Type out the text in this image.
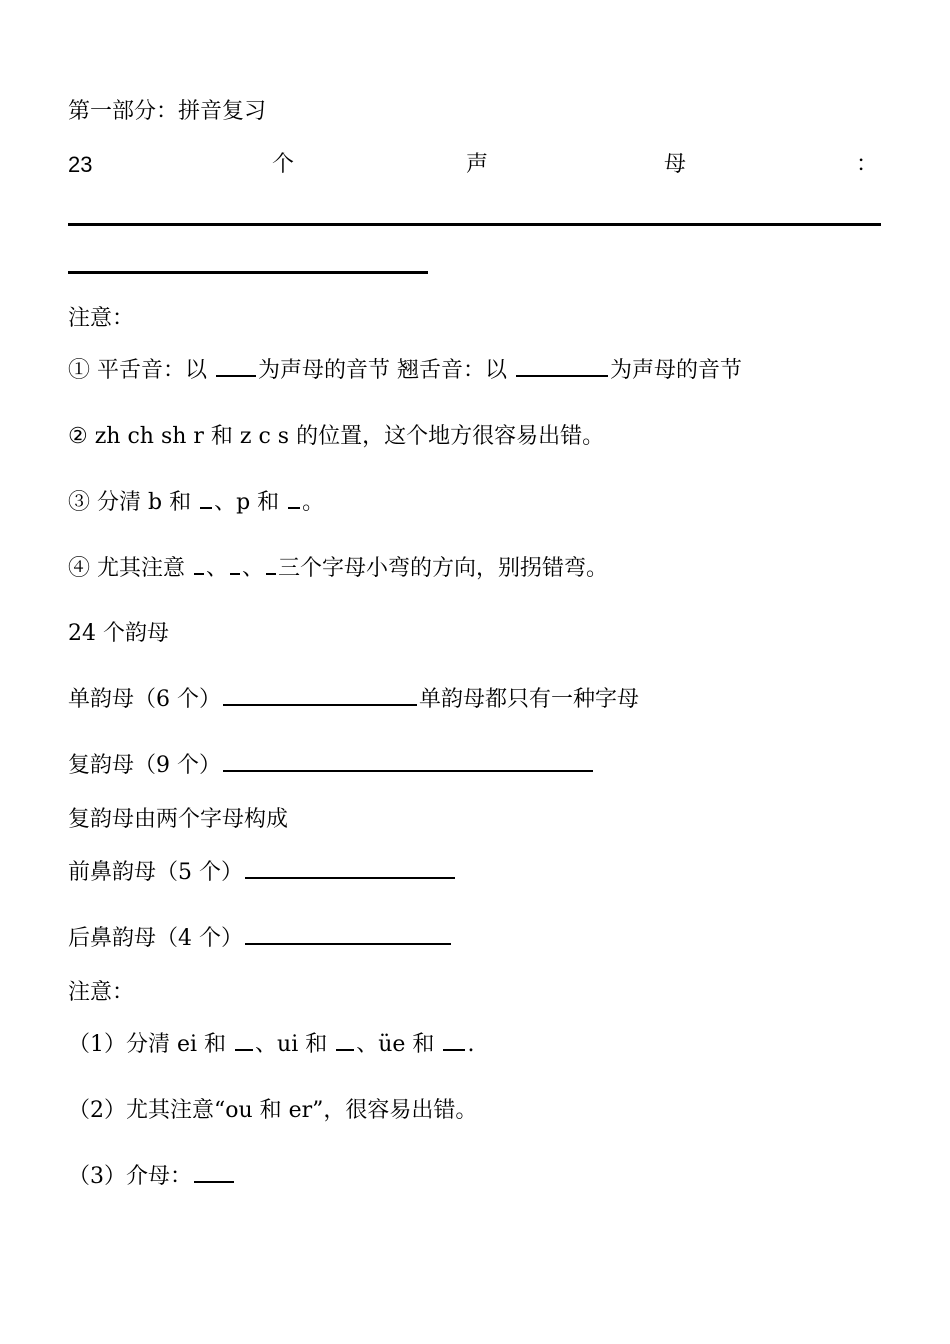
第一部分：拼音复习
23	个	声	母	：
注意：
① 平舌音：以 为声母的音节 翘舌音：以	为声母的音节
② zh ch sh r 和 z c s 的位置，这个地方很容易出错。
③ 分清 b 和 、p 和 。
④ 尤其注意 、 、 三个字母小弯的方向，别拐错弯。
24 个韵母
单韵母（6 个）	单韵母都只有一种字母
复韵母（9 个）
复韵母由两个字母构成
前鼻韵母（5 个）
后鼻韵母（4 个）
注意：
（1）分清 ei 和 、ui 和 、üe 和 .
（2）尤其注意“ou 和 er”，很容易出错。
（3）介母：
